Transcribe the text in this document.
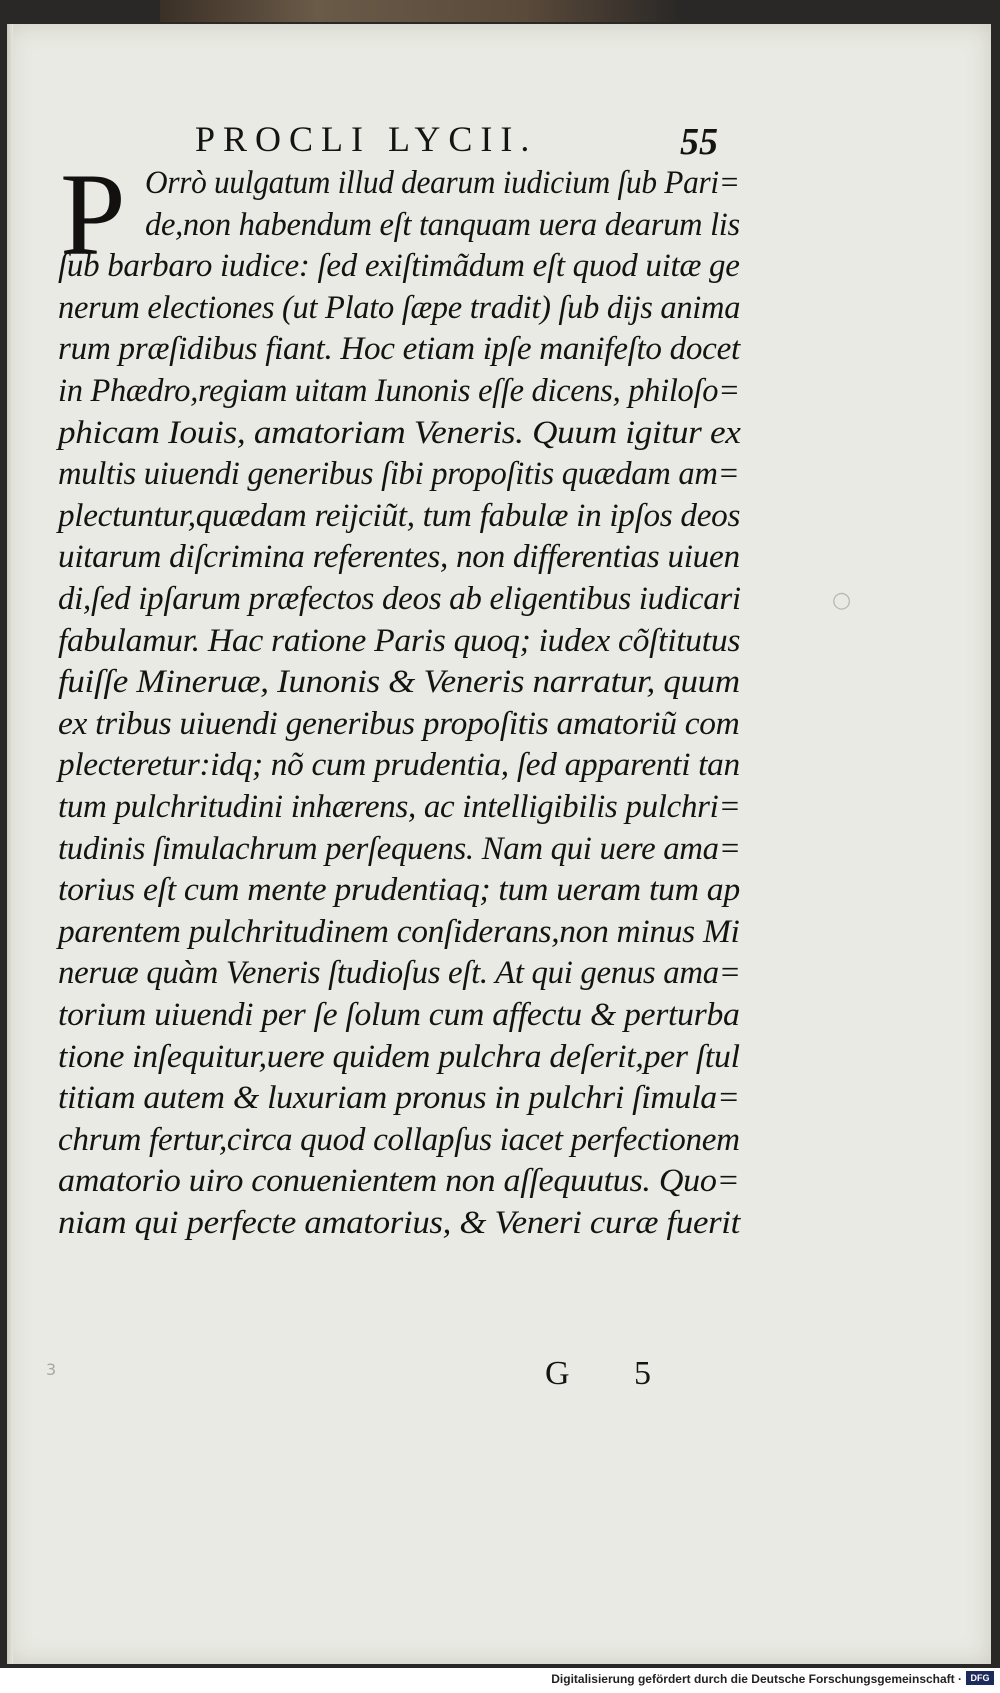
PROCLI LYCII.	55
P Orrò uulgatum illud dearum iudicium ſub Pari=
de,non habendum eſt tanquam uera dearum lis
ſub barbaro iudice: ſed exiſtimãdum eſt quod uitæ ge
nerum electiones (ut Plato ſæpe tradit) ſub dijs anima
rum præſidibus fiant. Hoc etiam ipſe manifeſto docet
in Phædro,regiam uitam Iunonis eſſe dicens, philoſo=
phicam Iouis, amatoriam Veneris. Quum igitur ex
multis uiuendi generibus ſibi propoſitis quædam am=
plectuntur,quædam reijciũt, tum fabulæ in ipſos deos
uitarum diſcrimina referentes, non differentias uiuen
di,ſed ipſarum præfectos deos ab eligentibus iudicari
fabulamur. Hac ratione Paris quoq; iudex cõſtitutus
fuiſſe Mineruæ, Iunonis & Veneris narratur, quum
ex tribus uiuendi generibus propoſitis amatoriũ com
plecteretur:idq; nõ cum prudentia, ſed apparenti tan
tum pulchritudini inhærens, ac intelligibilis pulchri=
tudinis ſimulachrum perſequens. Nam qui uere ama=
torius eſt cum mente prudentiaq; tum ueram tum ap
parentem pulchritudinem conſiderans,non minus Mi
neruæ quàm Veneris ſtudioſus eſt. At qui genus ama=
torium uiuendi per ſe ſolum cum affectu & perturba
tione inſequitur,uere quidem pulchra deſerit,per ſtul
titiam autem & luxuriam pronus in pulchri ſimula=
chrum fertur,circa quod collapſus iacet perfectionem
amatorio uiro conuenientem non aſſequutus. Quo=
niam qui perfecte amatorius, & Veneri curæ fuerit
○
3	G 5
Digitalisierung gefördert durch die Deutsche Forschungsgemeinschaft · DFG
